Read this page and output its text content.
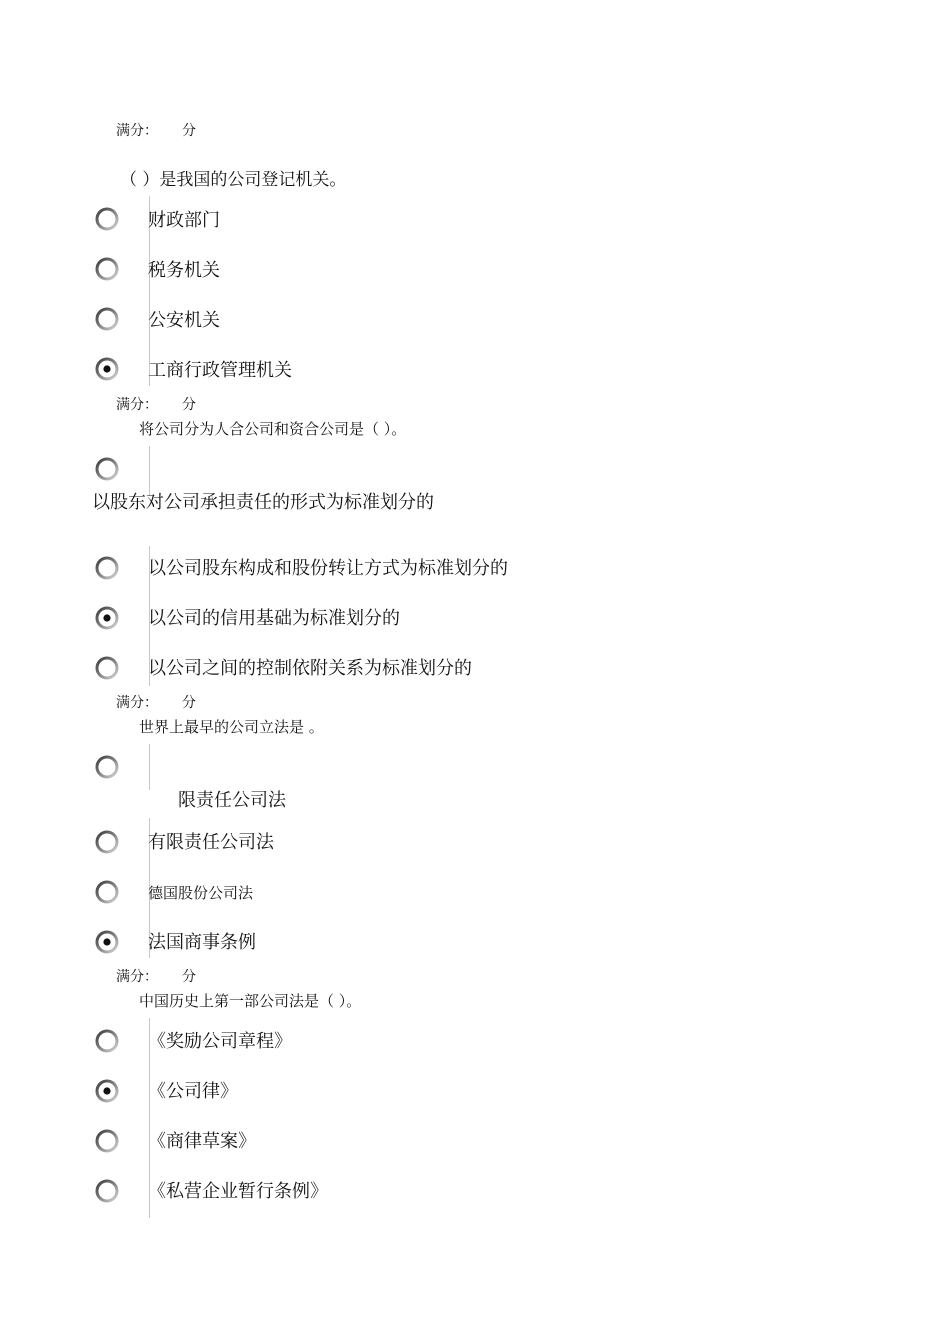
满分： 分
（ ）是我国的公司登记机关。
财政部门
税务机关
公安机关
工商行政管理机关
满分： 分
将公司分为人合公司和资合公司是（ ）。
以股东对公司承担责任的形式为标准划分的
以公司股东构成和股份转让方式为标准划分的
以公司的信用基础为标准划分的
以公司之间的控制依附关系为标准划分的
满分： 分
世界上最早的公司立法是 。
限责任公司法
有限责任公司法
德国股份公司法
法国商事条例
满分： 分
中国历史上第一部公司法是（ ）。
《奖励公司章程》
《公司律》
《商律草案》
《私营企业暂行条例》
